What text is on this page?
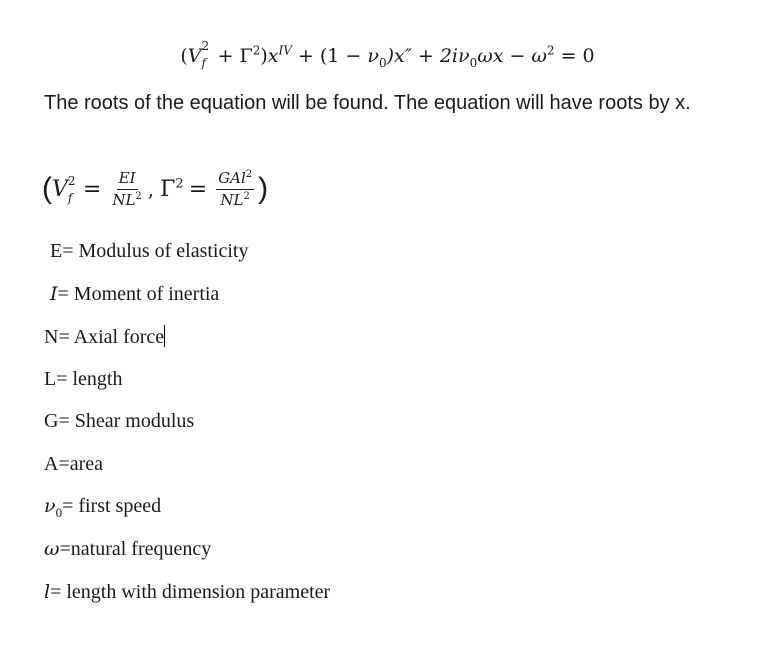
(V 2
$f + \Gamma^2)x^{IV} + (1 - \nu_0)x'' + 2i\nu_0\omega x - \omega^2 = 0$
The roots of the equation will be found. The equation will have roots by x.
( V 2
$f = \frac{EI}{NL^2}$ , $\Gamma^2 = \frac{GAl^2}{NL^2}$ )
E= Modulus of elasticity
I= Moment of inertia
N= Axial force
L= length
G= Shear modulus
A=area
$\nu_0=$ first speed
ω=natural frequency
l= length with dimension parameter
